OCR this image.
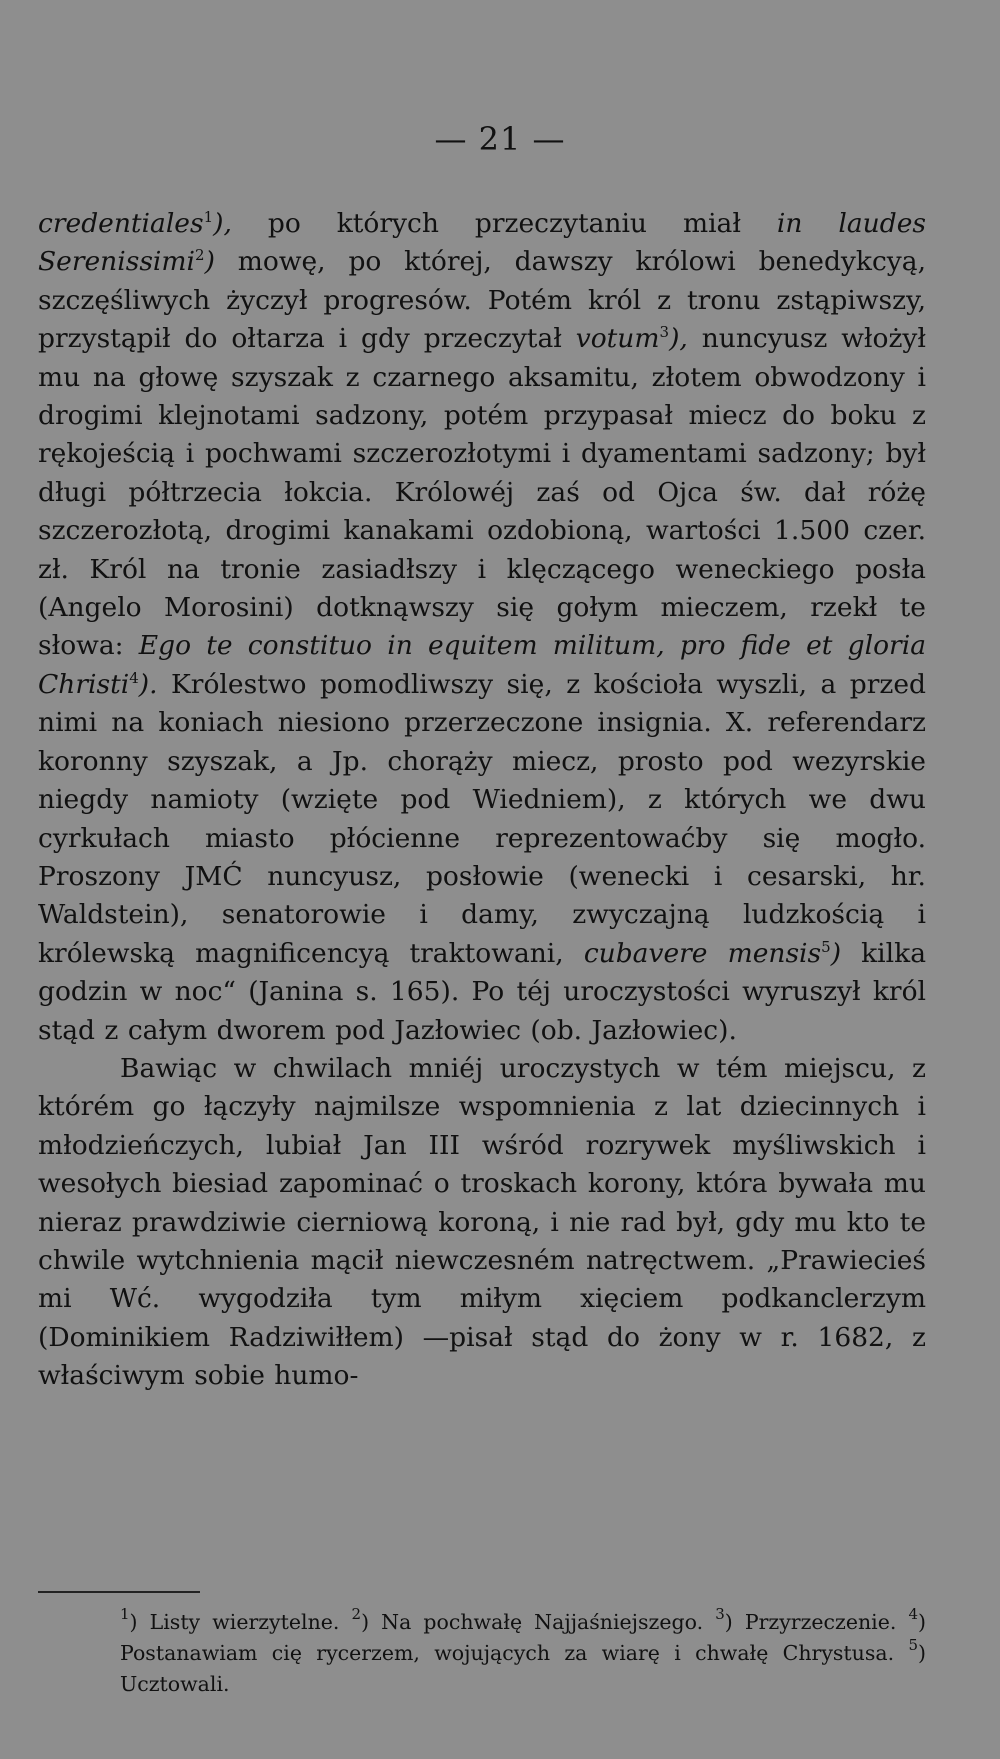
— 21 —

credentiales$^1$), po których przeczytaniu miał in laudes Serenissimi$^2$) mowę, po której, dawszy królowi benedykcyą, szczęśliwych życzył progresów. Potém król z tronu zstąpiwszy, przystąpił do ołtarza i gdy przeczytał votum$^3$), nuncyusz włożył mu na głowę szyszak z czarnego aksamitu, złotem obwodzony i drogimi klejnotami sadzony, potém przypasał miecz do boku z rękojeścią i pochwami szczerozłotymi i dyamentami sadzony; był długi półtrzecia łokcia. Królowéj zaś od Ojca św. dał różę szczerozłotą, drogimi kanakami ozdobioną, wartości 1.500 czer. zł. Król na tronie zasiadłszy i klęczącego weneckiego posła (Angelo Morosini) dotknąwszy się gołym mieczem, rzekł te słowa: Ego te constituo in equitem militum, pro fide et gloria Christi$^4$). Królestwo pomodliwszy się, z kościoła wyszli, a przed nimi na koniach niesiono przerzeczone insignia. X. referendarz koronny szyszak, a Jp. chorąży miecz, prosto pod wezyrskie niegdy namioty (wzięte pod Wiedniem), z których we dwu cyrkułach miasto płócienne reprezentowaćby się mogło. Proszony JMĆ nuncyusz, posłowie (wenecki i cesarski, hr. Waldstein), senatorowie i damy, zwyczajną ludzkością i królewską magnificencyą traktowani, cubavere mensis$^5$) kilka godzin w noc“ (Janina s. 165). Po téj uroczystości wyruszył król stąd z całym dworem pod Jazłowiec (ob. Jazłowiec).

Bawiąc w chwilach mniéj uroczystych w tém miejscu, z którém go łączyły najmilsze wspomnienia z lat dziecinnych i młodzieńczych, lubiał Jan III wśród rozrywek myśliwskich i wesołych biesiad zapominać o troskach korony, która bywała mu nieraz prawdziwie cierniową koroną, i nie rad był, gdy mu kto te chwile wytchnienia mącił niewczesném natręctwem. „Prawiecieś mi Wć. wygodziła tym miłym xięciem podkanclerzym (Dominikiem Radziwiłłem) —pisał stąd do żony w r. 1682, z właściwym sobie humo-

$^1$) Listy wierzytelne. $^2$) Na pochwałę Najjaśniejszego. $^3$) Przyrzeczenie. $^4$) Postanawiam cię rycerzem, wojujących za wiarę i chwałę Chrystusa. $^5$) Ucztowali.
